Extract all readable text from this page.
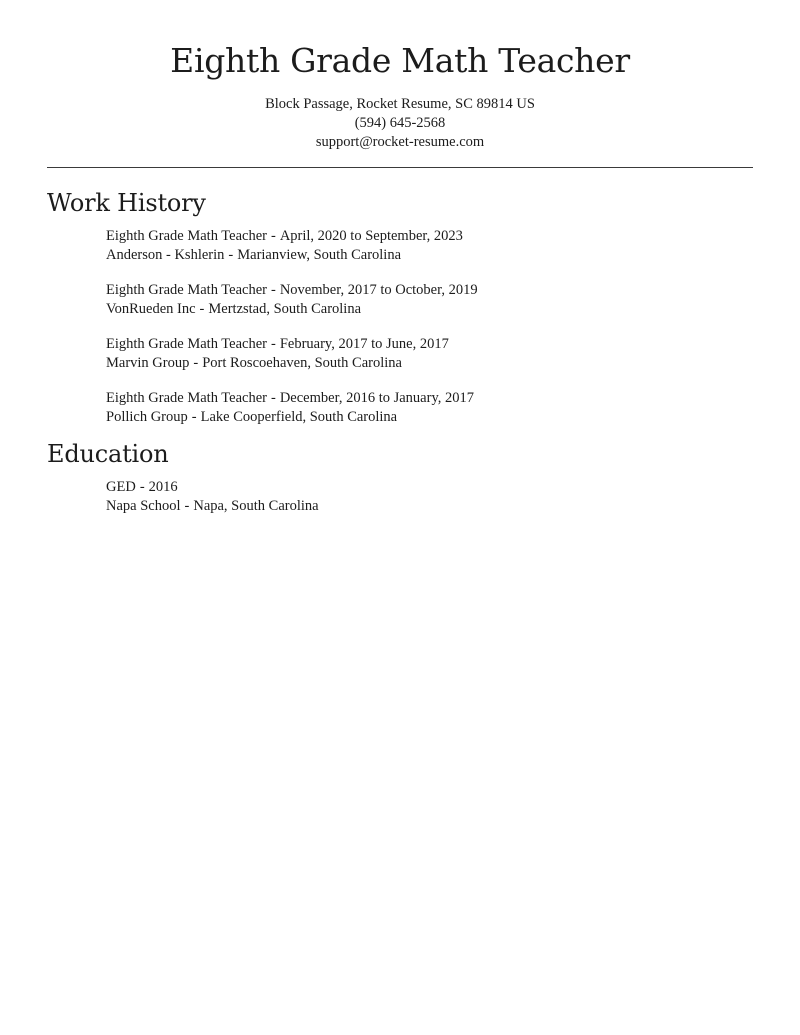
Eighth Grade Math Teacher
Block Passage, Rocket Resume, SC 89814 US
(594) 645-2568
support@rocket-resume.com
Work History
Eighth Grade Math Teacher - April, 2020 to September, 2023
Anderson - Kshlerin - Marianview, South Carolina
Eighth Grade Math Teacher - November, 2017 to October, 2019
VonRueden Inc - Mertzstad, South Carolina
Eighth Grade Math Teacher - February, 2017 to June, 2017
Marvin Group - Port Roscoehaven, South Carolina
Eighth Grade Math Teacher - December, 2016 to January, 2017
Pollich Group - Lake Cooperfield, South Carolina
Education
GED - 2016
Napa School - Napa, South Carolina
